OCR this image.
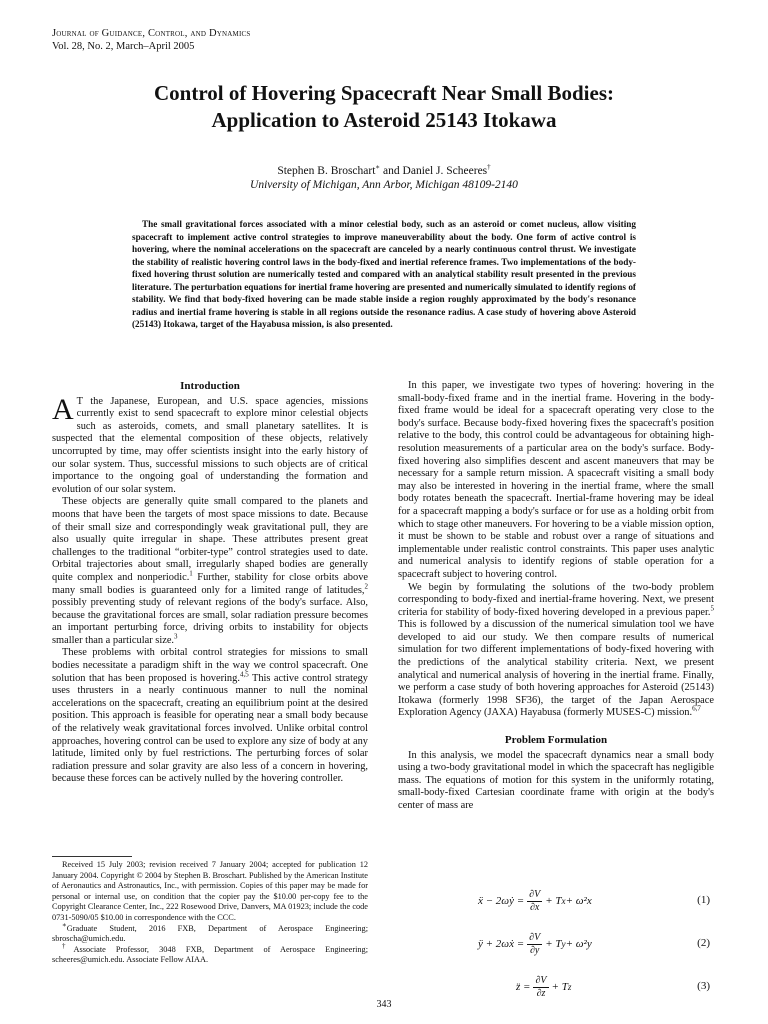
Journal of Guidance, Control, and Dynamics
Vol. 28, No. 2, March–April 2005
Control of Hovering Spacecraft Near Small Bodies:
Application to Asteroid 25143 Itokawa
Stephen B. Broschart∗ and Daniel J. Scheeres†
University of Michigan, Ann Arbor, Michigan 48109-2140

The small gravitational forces associated with a minor celestial body, such as an asteroid or comet nucleus, allow visiting spacecraft to implement active control strategies to improve maneuverability about the body. One form of active control is hovering, where the nominal accelerations on the spacecraft are canceled by a nearly continuous control thrust. We investigate the stability of realistic hovering control laws in the body-fixed and inertial reference frames. Two implementations of the body-fixed hovering thrust solution are numerically tested and compared with an analytical stability result presented in the previous literature. The perturbation equations for inertial frame hovering are presented and numerically simulated to identify regions of stability. We find that body-fixed hovering can be made stable inside a region roughly approximated by the body's resonance radius and inertial frame hovering is stable in all regions outside the resonance radius. A case study of hovering above Asteroid (25143) Itokawa, target of the Hayabusa mission, is also presented.

Introduction

A T the Japanese, European, and U.S. space agencies, missions currently exist to send spacecraft to explore minor celestial objects such as asteroids, comets, and small planetary satellites. It is suspected that the elemental composition of these objects, relatively uncorrupted by time, may offer scientists insight into the early history of our solar system. Thus, successful missions to such objects are of critical importance to the ongoing goal of understanding the formation and evolution of our solar system.

These objects are generally quite small compared to the planets and moons that have been the targets of most space missions to date. Because of their small size and correspondingly weak gravitational pull, they are also usually quite irregular in shape. These attributes present great challenges to the traditional “orbiter-type” control strategies used to date. Orbital trajectories about small, irregularly shaped bodies are generally quite complex and nonperiodic.$^1$ Further, stability for close orbits above many small bodies is guaranteed only for a limited range of latitudes,$^2$ possibly preventing study of relevant regions of the body's surface. Also, because the gravitational forces are small, solar radiation pressure becomes an important perturbing force, driving orbits to instability for objects smaller than a particular size.$^3$

These problems with orbital control strategies for missions to small bodies necessitate a paradigm shift in the way we control spacecraft. One solution that has been proposed is hovering.$^{4,5}$ This active control strategy uses thrusters in a nearly continuous manner to null the nominal accelerations on the spacecraft, creating an equilibrium point at the desired position. This approach is feasible for operating near a small body because of the relatively weak gravitational forces involved. Unlike orbital control approaches, hovering control can be used to explore any size of body at any latitude, limited only by fuel restrictions. The perturbing forces of solar radiation pressure and solar gravity are also less of a concern in hovering, because these forces can be actively nulled by the hovering controller.

In this paper, we investigate two types of hovering: hovering in the small-body-fixed frame and in the inertial frame. Hovering in the body-fixed frame would be ideal for a spacecraft operating very close to the body's surface. Because body-fixed hovering fixes the spacecraft's position relative to the body, this control could be advantageous for obtaining high-resolution measurements of a particular area on the body's surface. Body-fixed hovering also simplifies descent and ascent maneuvers that may be necessary for a sample return mission. A spacecraft visiting a small body may also be interested in hovering in the inertial frame, where the small body rotates beneath the spacecraft. Inertial-frame hovering may be ideal for a spacecraft mapping a body's surface or for use as a holding orbit from which to stage other maneuvers. For hovering to be a viable mission option, it must be shown to be stable and robust over a range of situations and implementable under realistic control constraints. This paper uses analytic and numerical analysis to identify regions of stable operation for a spacecraft subject to hovering control.

We begin by formulating the solutions of the two-body problem corresponding to body-fixed and inertial-frame hovering. Next, we present criteria for stability of body-fixed hovering developed in a previous paper.$^5$ This is followed by a discussion of the numerical simulation tool we have developed to aid our study. We then compare results of numerical simulation for two different implementations of body-fixed hovering with the predictions of the analytical stability criteria. Next, we present analytical and numerical analysis of hovering in the inertial frame. Finally, we perform a case study of both hovering approaches for Asteroid (25143) Itokawa (formerly 1998 SF36), the target of the Japan Aerospace Exploration Agency (JAXA) Hayabusa (formerly MUSES-C) mission.$^{6,7}$

Problem Formulation

In this analysis, we model the spacecraft dynamics near a small body using a two-body gravitational model in which the spacecraft has negligible mass. The equations of motion for this system in the uniformly rotating, small-body-fixed Cartesian coordinate frame with origin at the body's center of mass are

ẍ − 2ωẏ = $\frac{\partial V}{\partial x} + T$ x + ω²x	(1)
ÿ + 2ωẋ = $\frac{\partial V}{\partial y} + T$ y + ω²y	(2)
z̈ = $\frac{\partial V}{\partial z} + T$ z	(3)

Received 15 July 2003; revision received 7 January 2004; accepted for publication 12 January 2004. Copyright © 2004 by Stephen B. Broschart. Published by the American Institute of Aeronautics and Astronautics, Inc., with permission. Copies of this paper may be made for personal or internal use, on condition that the copier pay the $10.00 per-copy fee to the Copyright Clearance Center, Inc., 222 Rosewood Drive, Danvers, MA 01923; include the code 0731-5090/05 $10.00 in correspondence with the CCC.

∗Graduate Student, 2016 FXB, Department of Aerospace Engineering; sbroscha@umich.edu.

†Associate Professor, 3048 FXB, Department of Aerospace Engineering; scheeres@umich.edu. Associate Fellow AIAA.

343
